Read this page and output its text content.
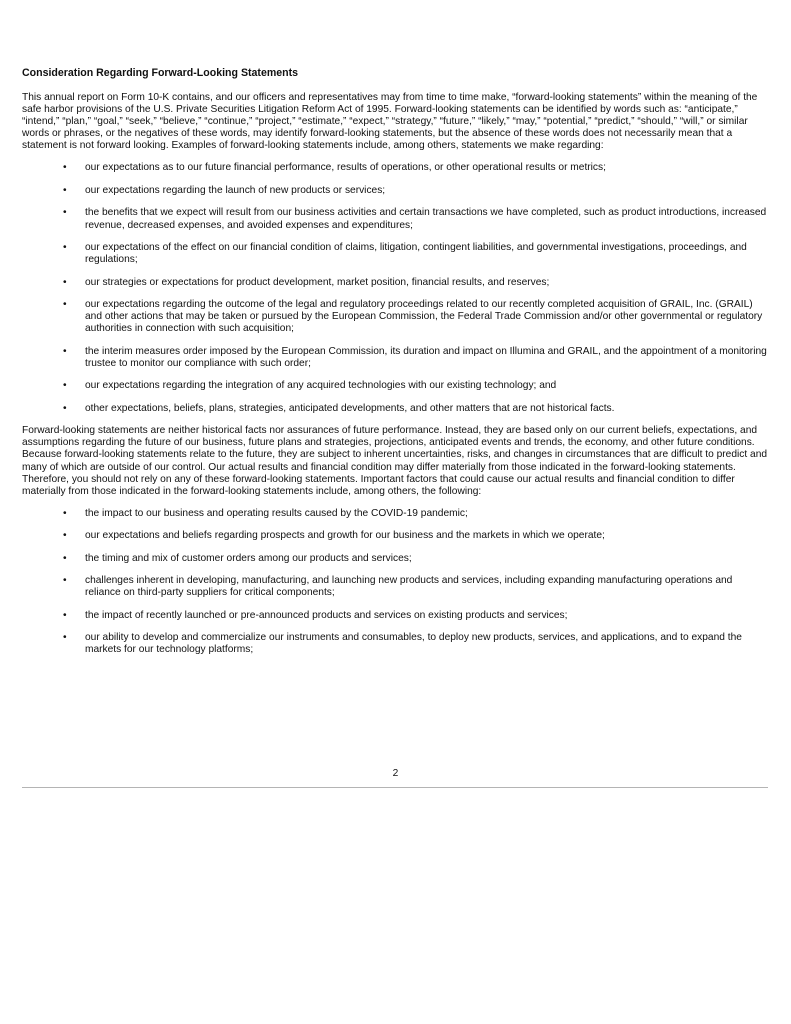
Consideration Regarding Forward-Looking Statements

This annual report on Form 10-K contains, and our officers and representatives may from time to time make, “forward-looking statements” within the meaning of the safe harbor provisions of the U.S. Private Securities Litigation Reform Act of 1995. Forward-looking statements can be identified by words such as: “anticipate,” “intend,” “plan,” “goal,” “seek,” “believe,” “continue,” “project,” “estimate,” “expect,” “strategy,” “future,” “likely,” “may,” “potential,” “predict,” “should,” “will,” or similar words or phrases, or the negatives of these words, may identify forward-looking statements, but the absence of these words does not necessarily mean that a statement is not forward looking. Examples of forward-looking statements include, among others, statements we make regarding:

• our expectations as to our future financial performance, results of operations, or other operational results or metrics;
• our expectations regarding the launch of new products or services;
• the benefits that we expect will result from our business activities and certain transactions we have completed, such as product introductions, increased revenue, decreased expenses, and avoided expenses and expenditures;
• our expectations of the effect on our financial condition of claims, litigation, contingent liabilities, and governmental investigations, proceedings, and regulations;
• our strategies or expectations for product development, market position, financial results, and reserves;
• our expectations regarding the outcome of the legal and regulatory proceedings related to our recently completed acquisition of GRAIL, Inc. (GRAIL) and other actions that may be taken or pursued by the European Commission, the Federal Trade Commission and/or other governmental or regulatory authorities in connection with such acquisition;
• the interim measures order imposed by the European Commission, its duration and impact on Illumina and GRAIL, and the appointment of a monitoring trustee to monitor our compliance with such order;
• our expectations regarding the integration of any acquired technologies with our existing technology; and
• other expectations, beliefs, plans, strategies, anticipated developments, and other matters that are not historical facts.

Forward-looking statements are neither historical facts nor assurances of future performance. Instead, they are based only on our current beliefs, expectations, and assumptions regarding the future of our business, future plans and strategies, projections, anticipated events and trends, the economy, and other future conditions. Because forward-looking statements relate to the future, they are subject to inherent uncertainties, risks, and changes in circumstances that are difficult to predict and many of which are outside of our control. Our actual results and financial condition may differ materially from those indicated in the forward-looking statements. Therefore, you should not rely on any of these forward-looking statements. Important factors that could cause our actual results and financial condition to differ materially from those indicated in the forward-looking statements include, among others, the following:

• the impact to our business and operating results caused by the COVID-19 pandemic;
• our expectations and beliefs regarding prospects and growth for our business and the markets in which we operate;
• the timing and mix of customer orders among our products and services;
• challenges inherent in developing, manufacturing, and launching new products and services, including expanding manufacturing operations and reliance on third-party suppliers for critical components;
• the impact of recently launched or pre-announced products and services on existing products and services;
• our ability to develop and commercialize our instruments and consumables, to deploy new products, services, and applications, and to expand the markets for our technology platforms;
2
